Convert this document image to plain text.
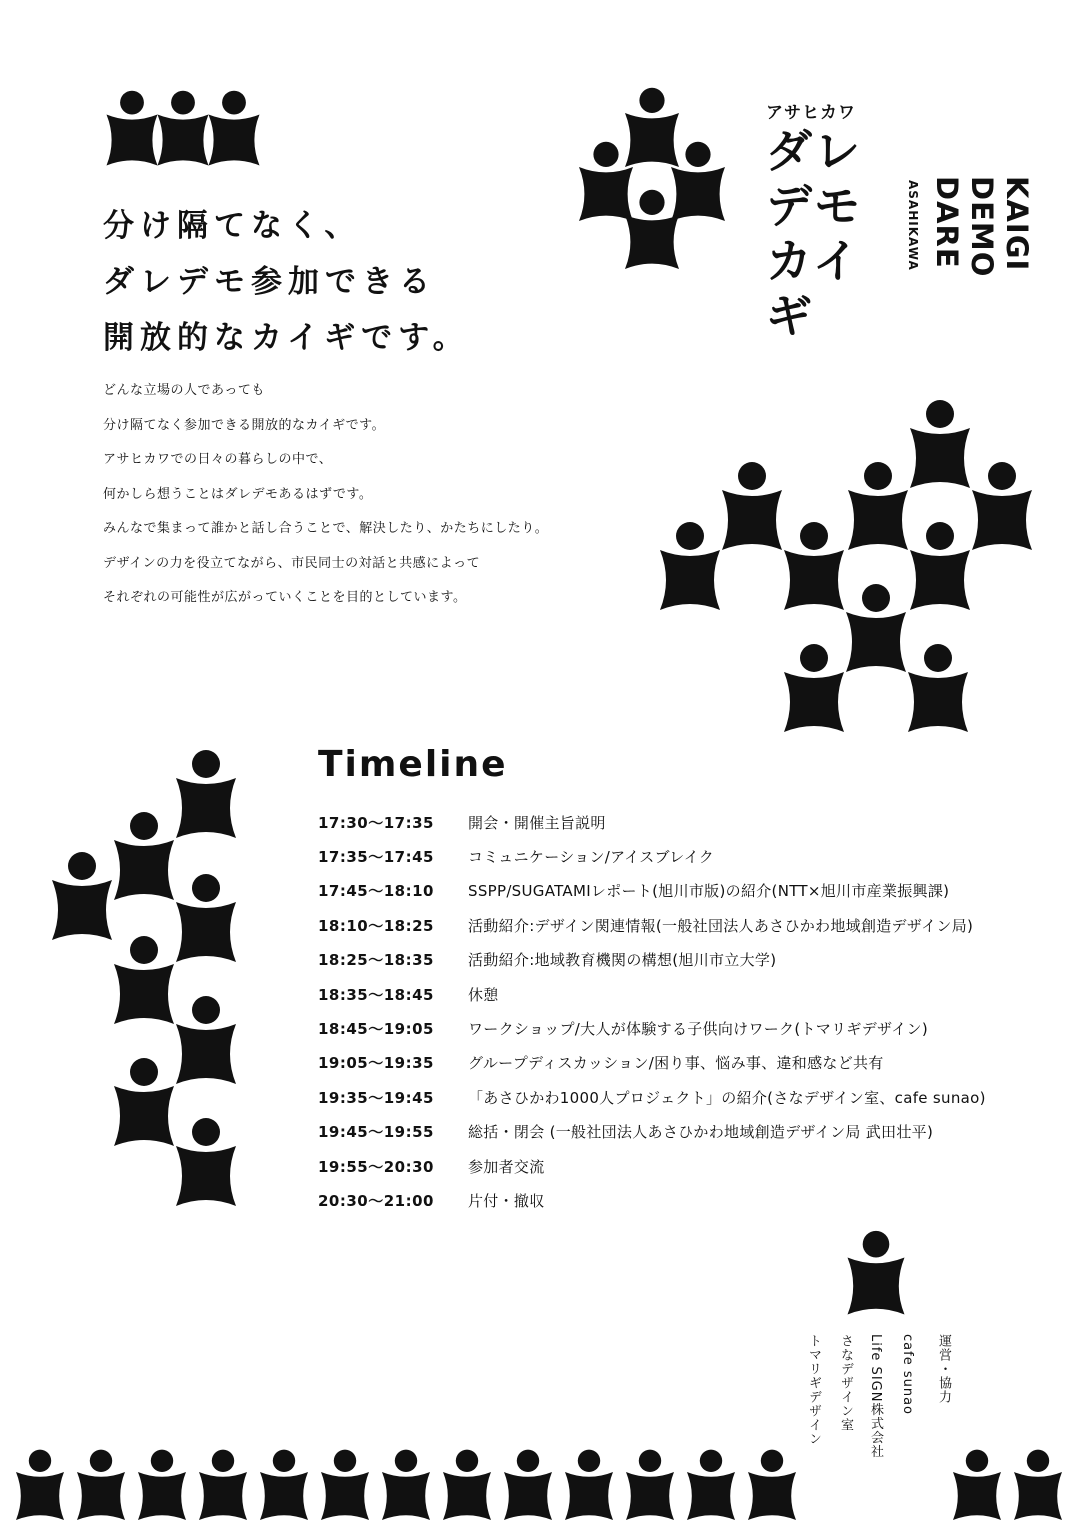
分け隔てなく、
ダレデモ参加できる
開放的なカイギです。
どんな立場の人であっても
分け隔てなく参加できる開放的なカイギです。
アサヒカワでの日々の暮らしの中で、
何かしら想うことはダレデモあるはずです。
みんなで集まって誰かと話し合うことで、解決したり、かたちにしたり。
デザインの力を役立てながら、市民同士の対話と共感によって
それぞれの可能性が広がっていくことを目的としています。
アサヒカワ
ダレ
デモ
カイギ
ASAHIKAWA DARE DEMO KAIGI
Timeline
17:30〜17:35	開会・開催主旨説明
17:35〜17:45	コミュニケーション/アイスブレイク
17:45〜18:10	SSPP/SUGATAMIレポート(旭川市版)の紹介(NTT×旭川市産業振興課)
18:10〜18:25	活動紹介:デザイン関連情報(一般社団法人あさひかわ地域創造デザイン局)
18:25〜18:35	活動紹介:地域教育機関の構想(旭川市立大学)
18:35〜18:45	休憩
18:45〜19:05	ワークショップ/大人が体験する子供向けワーク(トマリギデザイン)
19:05〜19:35	グループディスカッション/困り事、悩み事、違和感など共有
19:35〜19:45	「あさひかわ1000人プロジェクト」の紹介(さなデザイン室、cafe sunao)
19:45〜19:55	総括・閉会 (一般社団法人あさひかわ地域創造デザイン局 武田壮平)
19:55〜20:30	参加者交流
20:30〜21:00	片付・撤収
運営・協力
cafe sunao
Life SIGN株式会社
さなデザイン室
トマリギデザイン
